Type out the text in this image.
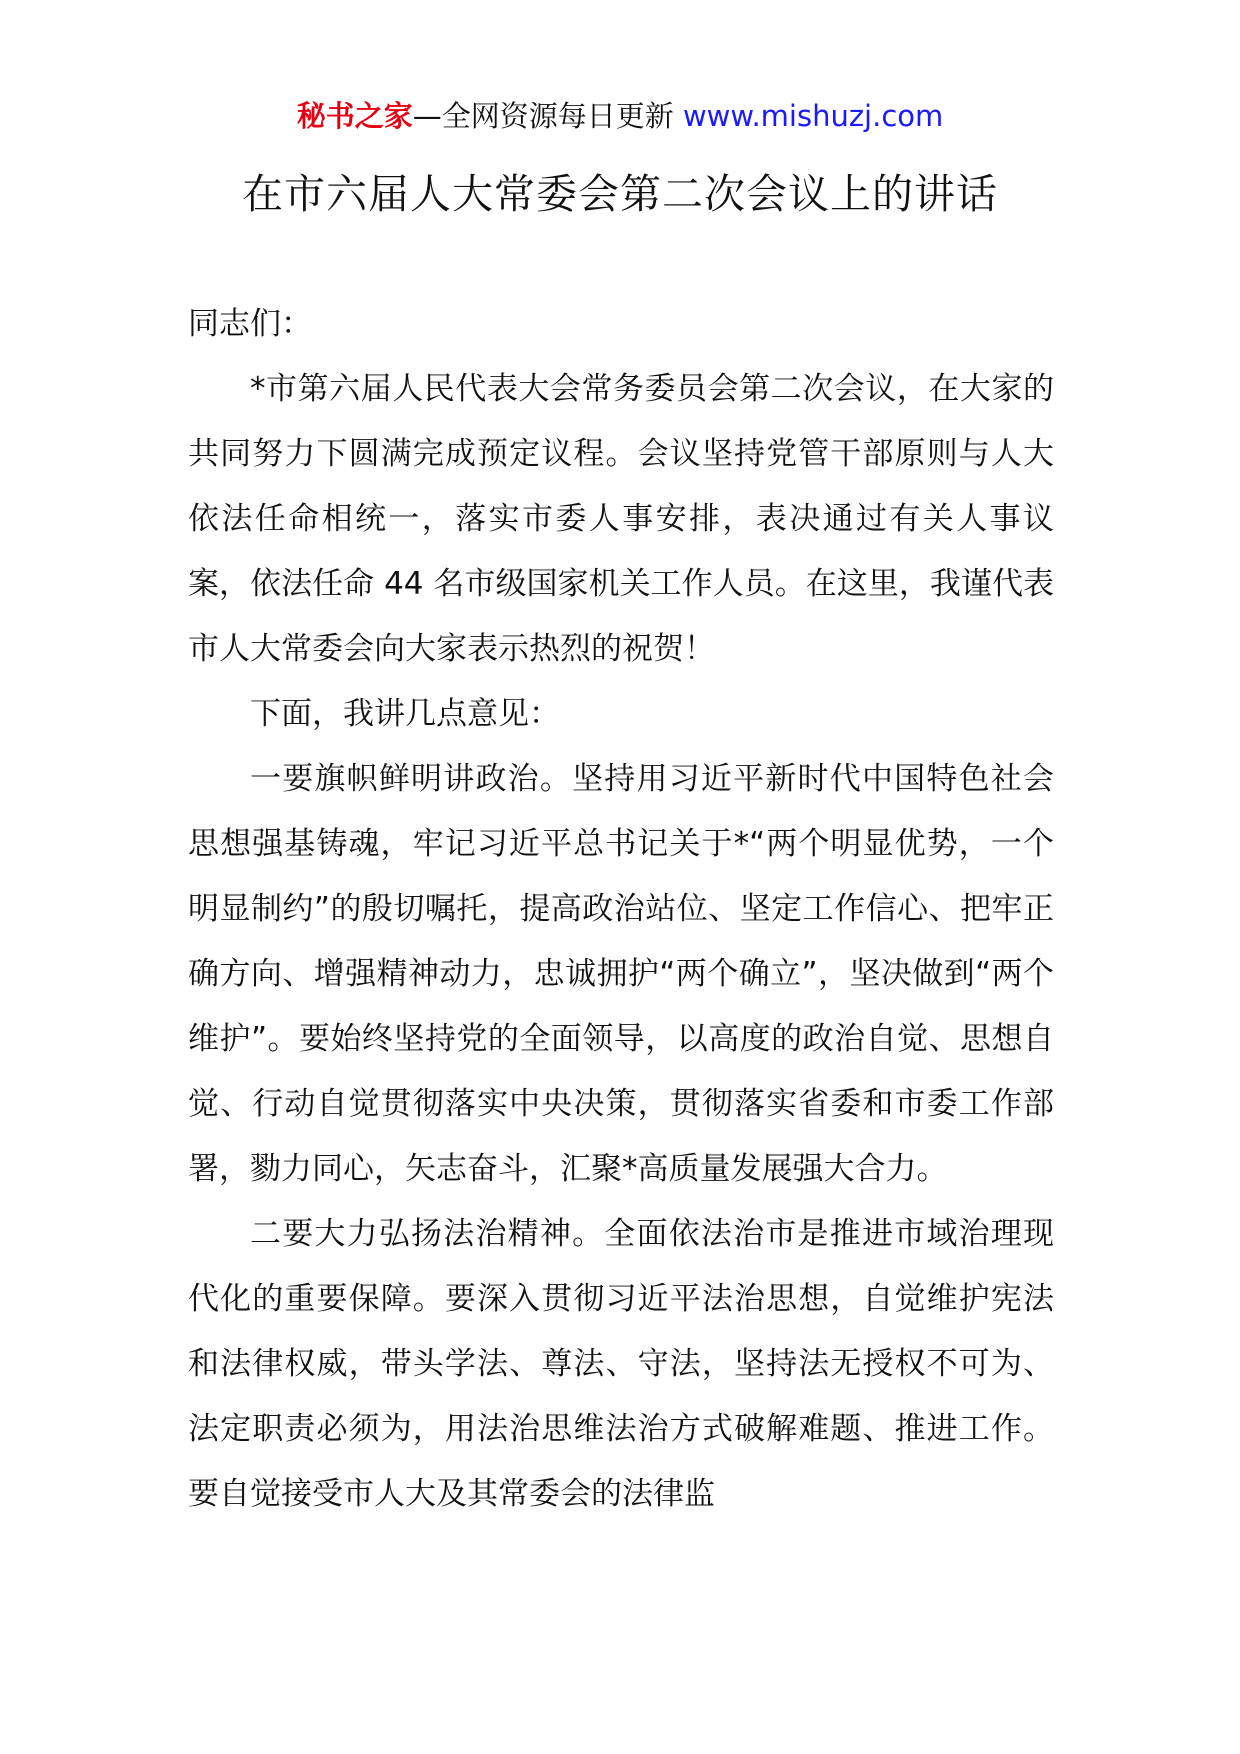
秘书之家—全网资源每日更新 www.mishuzj.com
在市六届人大常委会第二次会议上的讲话

同志们：

*市第六届人民代表大会常务委员会第二次会议，在大家的共同努力下圆满完成预定议程。会议坚持党管干部原则与人大依法任命相统一，落实市委人事安排，表决通过有关人事议案，依法任命 44 名市级国家机关工作人员。在这里，我谨代表市人大常委会向大家表示热烈的祝贺！

下面，我讲几点意见：

一要旗帜鲜明讲政治。坚持用习近平新时代中国特色社会思想强基铸魂，牢记习近平总书记关于*“两个明显优势，一个明显制约”的殷切嘱托，提高政治站位、坚定工作信心、把牢正确方向、增强精神动力，忠诚拥护“两个确立”，坚决做到“两个维护”。要始终坚持党的全面领导，以高度的政治自觉、思想自觉、行动自觉贯彻落实中央决策，贯彻落实省委和市委工作部署，勠力同心，矢志奋斗，汇聚*高质量发展强大合力。

二要大力弘扬法治精神。全面依法治市是推进市域治理现代化的重要保障。要深入贯彻习近平法治思想，自觉维护宪法和法律权威，带头学法、尊法、守法，坚持法无授权不可为、法定职责必须为，用法治思维法治方式破解难题、推进工作。要自觉接受市人大及其常委会的法律监
